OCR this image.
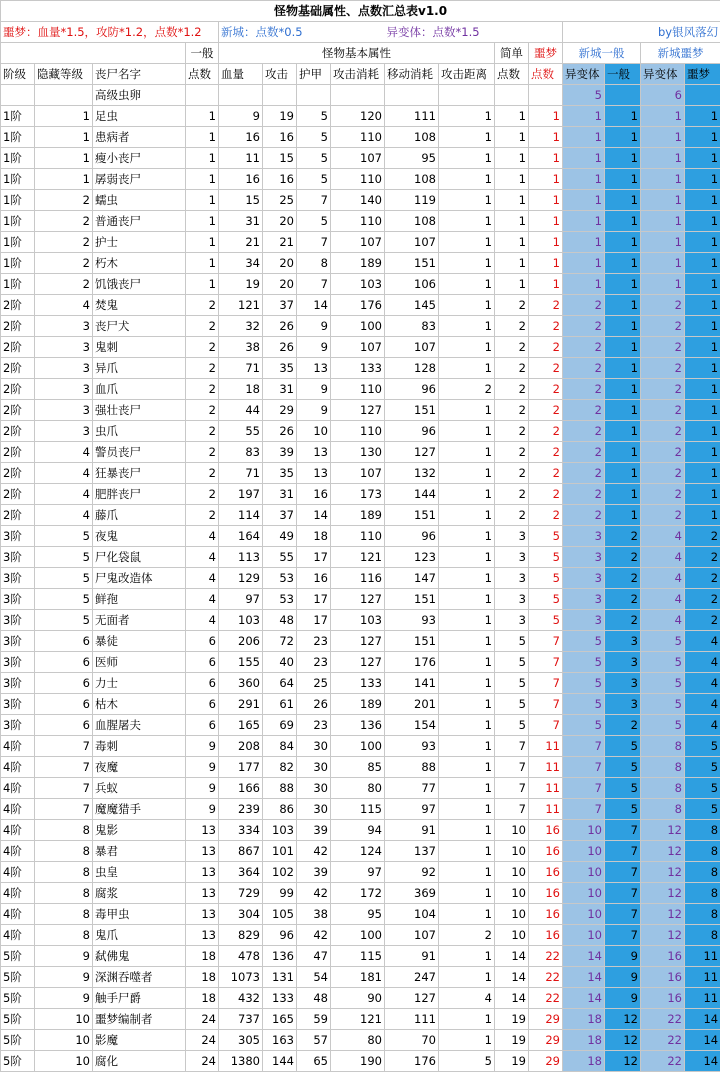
怪物基础属性、点数汇总表v1.0															
噩梦：血量*1.5，攻防*1.2，点数*1.2				新城：点数*0.5				异变体：点数*1.5				by银风落幻			
			一般	怪物基本属性						简单	噩梦	新城一般		新城噩梦	
阶级	隐藏等级	丧尸名字	点数	血量	攻击	护甲	攻击消耗	移动消耗	攻击距离	点数	点数	异变体	一般	异变体	噩梦
		高级虫卵										5		6	
1阶	1	足虫	1	9	19	5	120	111	1	1	1	1	1	1	1
1阶	1	患病者	1	16	16	5	110	108	1	1	1	1	1	1	1
1阶	1	瘦小丧尸	1	11	15	5	107	95	1	1	1	1	1	1	1
1阶	1	孱弱丧尸	1	16	16	5	110	108	1	1	1	1	1	1	1
1阶	2	蠕虫	1	15	25	7	140	119	1	1	1	1	1	1	1
1阶	2	普通丧尸	1	31	20	5	110	108	1	1	1	1	1	1	1
1阶	2	护士	1	21	21	7	107	107	1	1	1	1	1	1	1
1阶	2	朽木	1	34	20	8	189	151	1	1	1	1	1	1	1
1阶	2	饥饿丧尸	1	19	20	7	103	106	1	1	1	1	1	1	1
2阶	4	焚鬼	2	121	37	14	176	145	1	2	2	2	1	2	1
2阶	3	丧尸犬	2	32	26	9	100	83	1	2	2	2	1	2	1
2阶	3	鬼刺	2	38	26	9	107	107	1	2	2	2	1	2	1
2阶	3	异爪	2	71	35	13	133	128	1	2	2	2	1	2	1
2阶	3	血爪	2	18	31	9	110	96	2	2	2	2	1	2	1
2阶	3	强壮丧尸	2	44	29	9	127	151	1	2	2	2	1	2	1
2阶	3	虫爪	2	55	26	10	110	96	1	2	2	2	1	2	1
2阶	4	警员丧尸	2	83	39	13	130	127	1	2	2	2	1	2	1
2阶	4	狂暴丧尸	2	71	35	13	107	132	1	2	2	2	1	2	1
2阶	4	肥胖丧尸	2	197	31	16	173	144	1	2	2	2	1	2	1
2阶	4	藤爪	2	114	37	14	189	151	1	2	2	2	1	2	1
3阶	5	夜鬼	4	164	49	18	110	96	1	3	5	3	2	4	2
3阶	5	尸化袋鼠	4	113	55	17	121	123	1	3	5	3	2	4	2
3阶	5	尸鬼改造体	4	129	53	16	116	147	1	3	5	3	2	4	2
3阶	5	鲜孢	4	97	53	17	127	151	1	3	5	3	2	4	2
3阶	5	无面者	4	103	48	17	103	93	1	3	5	3	2	4	2
3阶	6	暴徒	6	206	72	23	127	151	1	5	7	5	3	5	4
3阶	6	医师	6	155	40	23	127	176	1	5	7	5	3	5	4
3阶	6	力士	6	360	64	25	133	141	1	5	7	5	3	5	4
3阶	6	枯木	6	291	61	26	189	201	1	5	7	5	3	5	4
3阶	6	血腥屠夫	6	165	69	23	136	154	1	5	7	5	2	5	4
4阶	7	毒刺	9	208	84	30	100	93	1	7	11	7	5	8	5
4阶	7	夜魔	9	177	82	30	85	88	1	7	11	7	5	8	5
4阶	7	兵蚁	9	166	88	30	80	77	1	7	11	7	5	8	5
4阶	7	魔魔猎手	9	239	86	30	115	97	1	7	11	7	5	8	5
4阶	8	鬼影	13	334	103	39	94	91	1	10	16	10	7	12	8
4阶	8	暴君	13	867	101	42	124	137	1	10	16	10	7	12	8
4阶	8	虫皇	13	364	102	39	97	92	1	10	16	10	7	12	8
4阶	8	腐浆	13	729	99	42	172	369	1	10	16	10	7	12	8
4阶	8	毒甲虫	13	304	105	38	95	104	1	10	16	10	7	12	8
4阶	8	鬼爪	13	829	96	42	100	107	2	10	16	10	7	12	8
5阶	9	弑佛鬼	18	478	136	47	115	91	1	14	22	14	9	16	11
5阶	9	深渊吞噬者	18	1073	131	54	181	247	1	14	22	14	9	16	11
5阶	9	触手尸爵	18	432	133	48	90	127	4	14	22	14	9	16	11
5阶	10	噩梦编制者	24	737	165	59	121	111	1	19	29	18	12	22	14
5阶	10	影魔	24	305	163	57	80	70	1	19	29	18	12	22	14
5阶	10	腐化	24	1380	144	65	190	176	5	19	29	18	12	22	14
